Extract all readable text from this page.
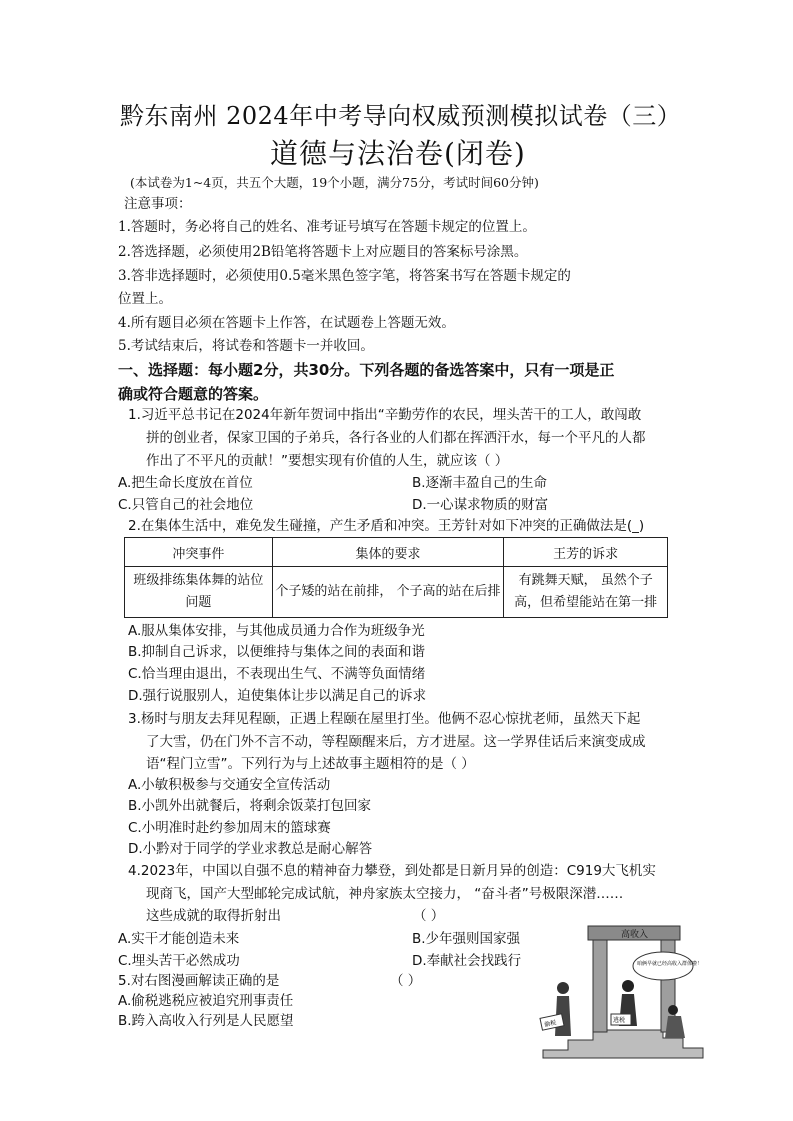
黔东南州 2024年中考导向权威预测模拟试卷（三）
道德与法治卷(闭卷)
(本试卷为1~4页，共五个大题，19个小题，满分75分，考试时间60分钟)
注意事项：
1.答题时，务必将自己的姓名、准考证号填写在答题卡规定的位置上。
2.答选择题，必须使用2B铅笔将答题卡上对应题目的答案标号涂黑。
3.答非选择题时，必须使用0.5毫米黑色签字笔，将答案书写在答题卡规定的
位置上。
4.所有题目必须在答题卡上作答，在试题卷上答题无效。
5.考试结束后，将试卷和答题卡一并收回。
一、选择题：每小题2分，共30分。下列各题的备选答案中，只有一项是正
确或符合题意的答案。
1.习近平总书记在2024年新年贺词中指出“辛勤劳作的农民，埋头苦干的工人，敢闯敢
拼的创业者，保家卫国的子弟兵，各行各业的人们都在挥洒汗水，每一个平凡的人都
作出了不平凡的贡献！”要想实现有价值的人生，就应该（ ）
A.把生命长度放在首位	B.逐渐丰盈自己的生命
C.只管自己的社会地位	D.一心谋求物质的财富
2.在集体生活中，难免发生碰撞，产生矛盾和冲突。王芳针对如下冲突的正确做法是(_)
冲突事件	集体的要求	王芳的诉求
班级排练集体舞的站位问题	个子矮的站在前排， 个子高的站在后排	有跳舞天赋， 虽然个子高，但希望能站在第一排
A.服从集体安排，与其他成员通力合作为班级争光
B.抑制自己诉求，以便维持与集体之间的表面和谐
C.恰当理由退出，不表现出生气、不满等负面情绪
D.强行说服别人，迫使集体让步以满足自己的诉求
3.杨时与朋友去拜见程颐，正遇上程颐在屋里打坐。他俩不忍心惊扰老师，虽然天下起
了大雪，仍在门外不言不动，等程颐醒来后，方才进屋。这一学界佳话后来演变成成
语“程门立雪”。下列行为与上述故事主题相符的是（ ）
A.小敏积极参与交通安全宣传活动
B.小凯外出就餐后，将剩余饭菜打包回家
C.小明准时赴约参加周末的篮球赛
D.小黔对于同学的学业求教总是耐心解答
4.2023年，中国以自强不息的精神奋力攀登，到处都是日新月异的创造：C919大飞机实
现商飞，国产大型邮轮完成试航，神舟家族太空接力， “奋斗者”号极限深潜……
这些成就的取得折射出	（ ）
A.实干才能创造未来	B.少年强则国家强
C.埋头苦干必然成功	D.奉献社会找践行
5.对右图漫画解读正确的是	（ ）
A.偷税逃税应被追究刑事责任
B.跨入高收入行列是人民愿望
高收入
咱俩早就已经高收入群体啦！
偷税	逃税
